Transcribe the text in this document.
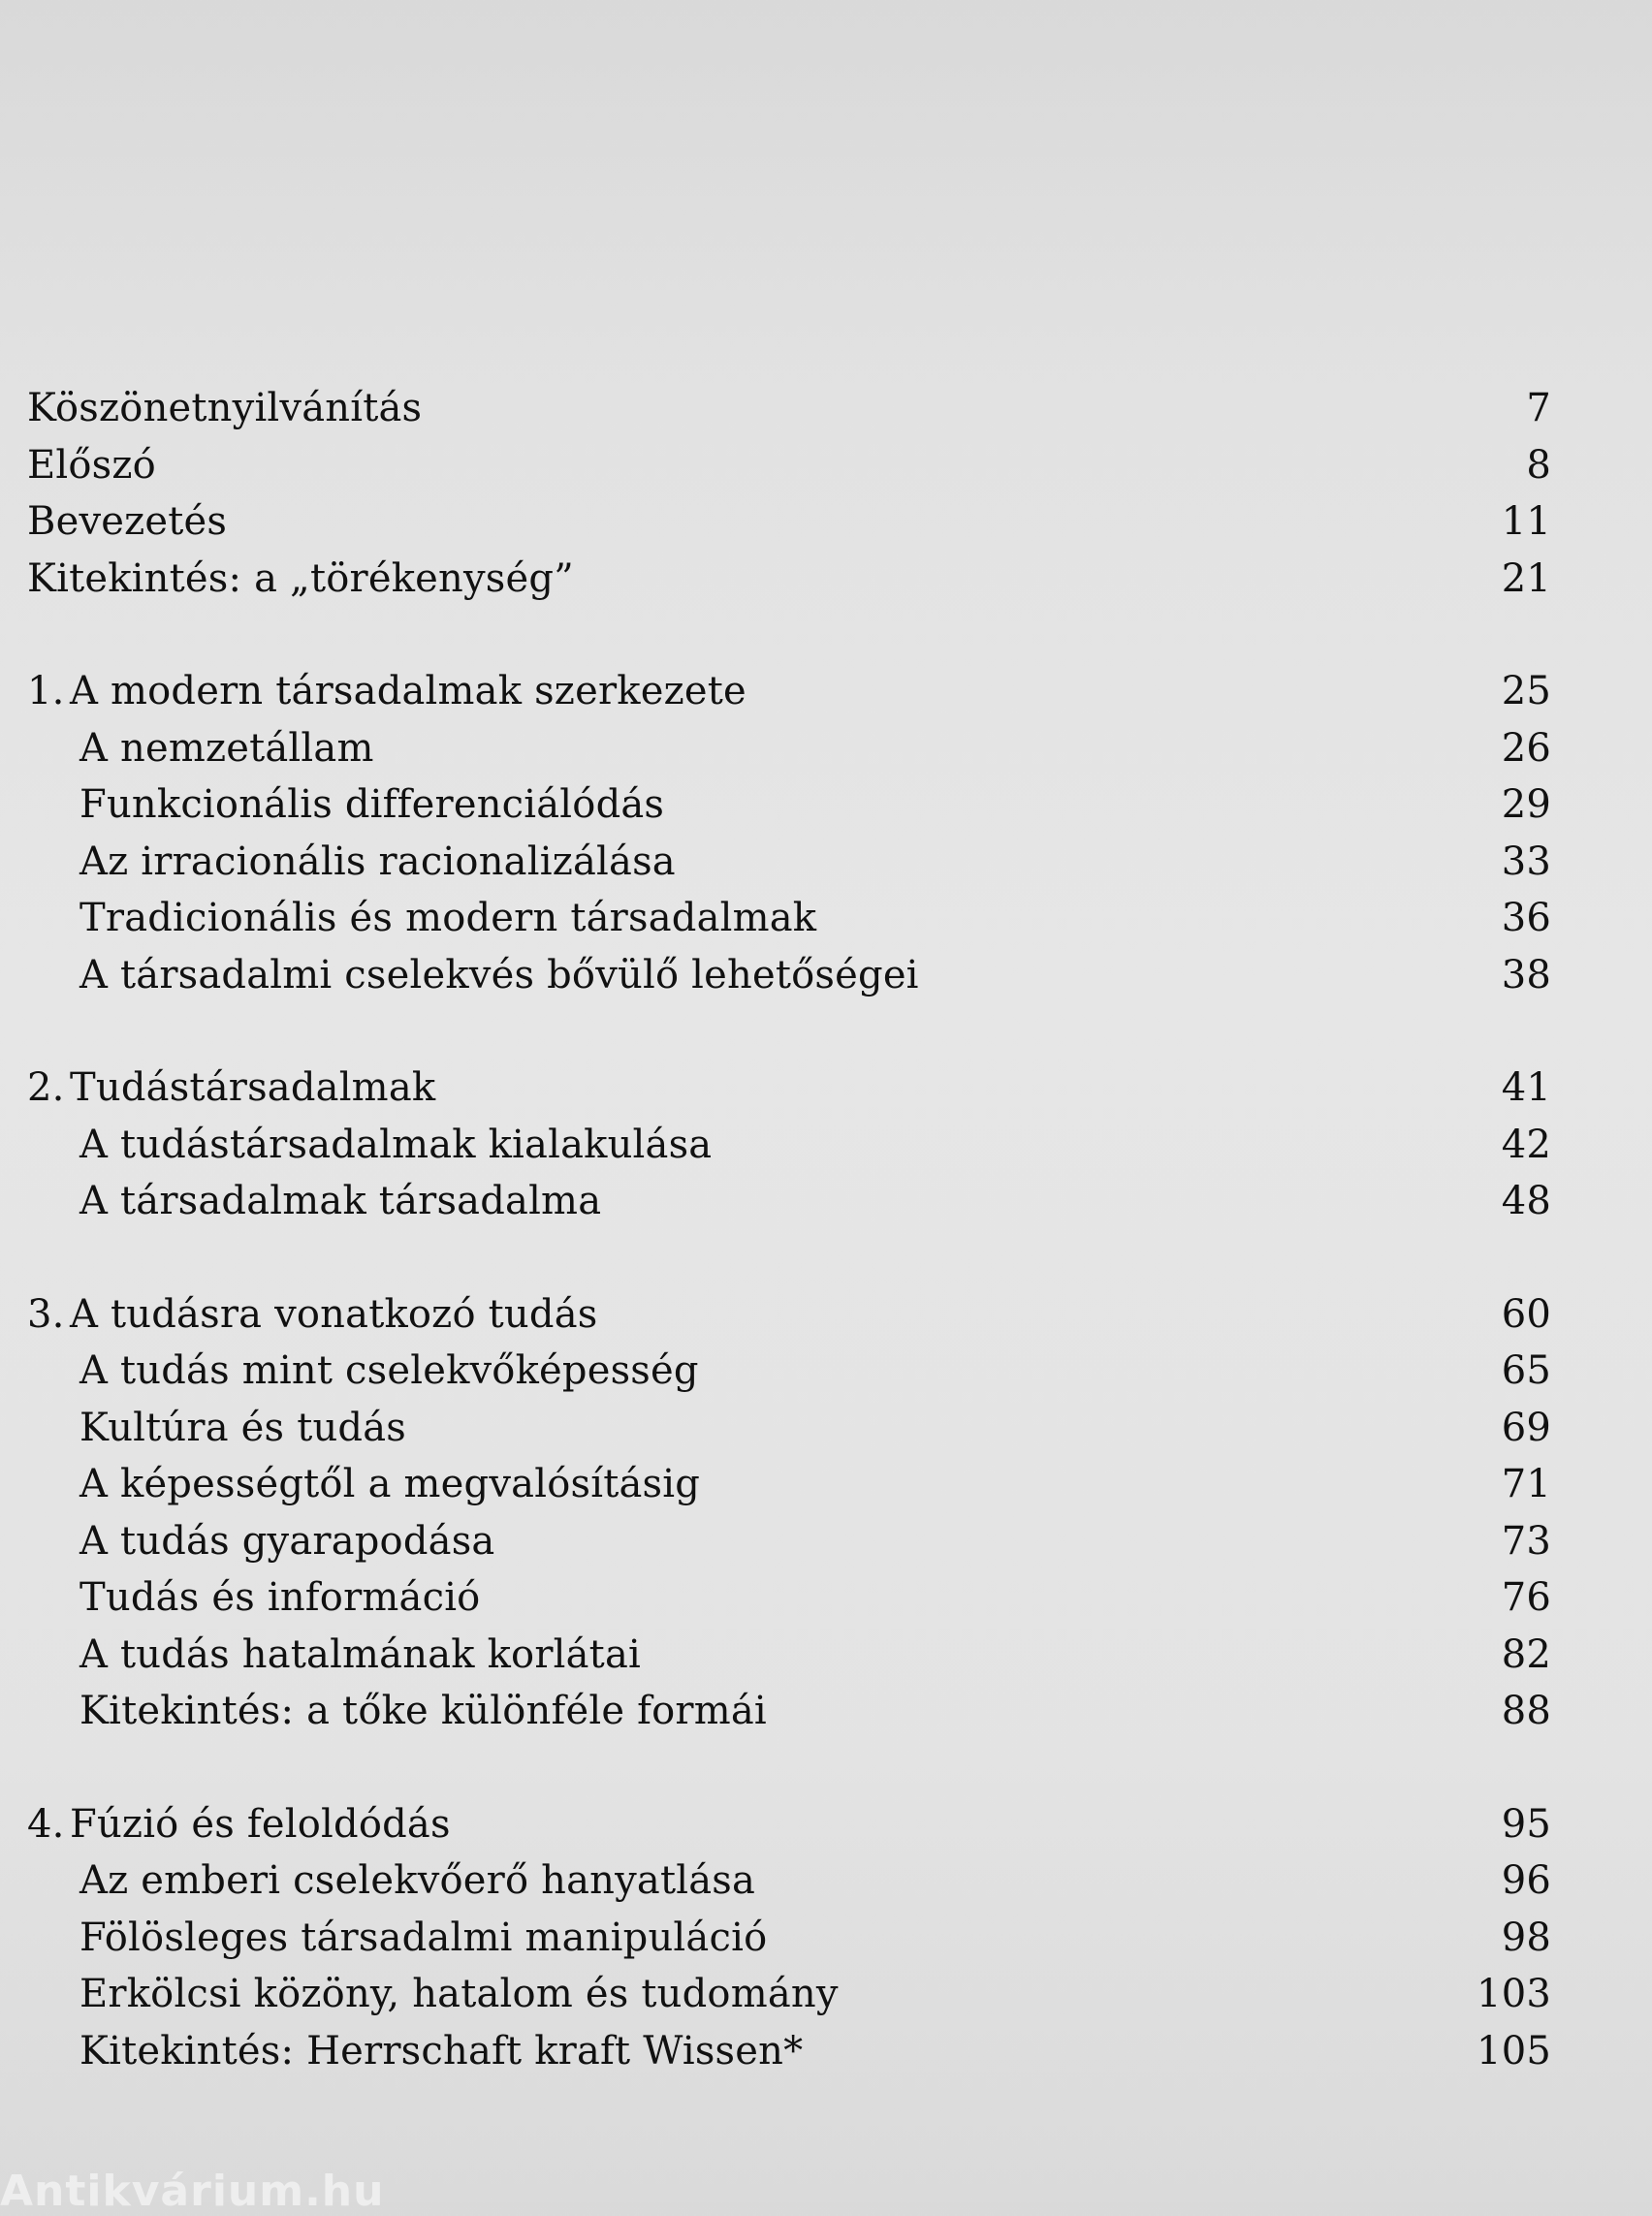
Köszönetnyilvánítás	7
Előszó	8
Bevezetés	11
Kitekintés: a „törékenység”	21
1. A modern társadalmak szerkezete	25
A nemzetállam	26
Funkcionális differenciálódás	29
Az irracionális racionalizálása	33
Tradicionális és modern társadalmak	36
A társadalmi cselekvés bővülő lehetőségei	38
2. Tudástársadalmak	41
A tudástársadalmak kialakulása	42
A társadalmak társadalma	48
3. A tudásra vonatkozó tudás	60
A tudás mint cselekvőképesség	65
Kultúra és tudás	69
A képességtől a megvalósításig	71
A tudás gyarapodása	73
Tudás és információ	76
A tudás hatalmának korlátai	82
Kitekintés: a tőke különféle formái	88
4. Fúzió és feloldódás	95
Az emberi cselekvőerő hanyatlása	96
Fölösleges társadalmi manipuláció	98
Erkölcsi közöny, hatalom és tudomány	103
Kitekintés: Herrschaft kraft Wissen*	105
Antikvárium.hu
